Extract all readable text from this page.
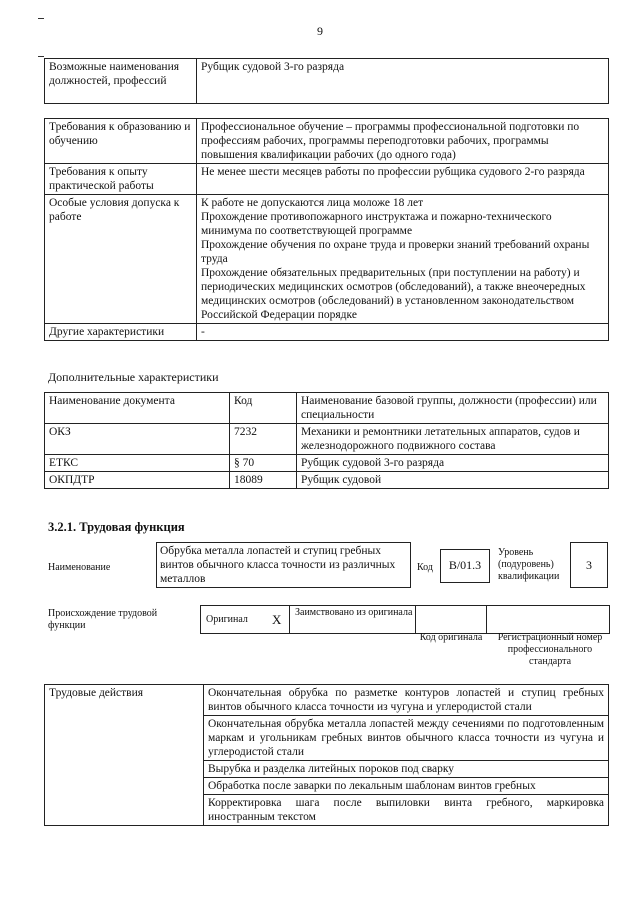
9
Возможные наименования должностей, профессий	Рубщик судовой 3-го разряда
Требования к образованию и обучению	Профессиональное обучение – программы профессиональной подготовки по профессиям рабочих, программы переподготовки рабочих, программы повышения квалификации рабочих (до одного года)
Требования к опыту практической работы	Не менее шести месяцев работы по профессии рубщика судового 2-го разряда
Особые условия допуска к работе	К работе не допускаются лица моложе 18 лет
Прохождение противопожарного инструктажа и пожарно-технического минимума по соответствующей программе
Прохождение обучения по охране труда и проверки знаний требований охраны труда
Прохождение обязательных предварительных (при поступлении на работу) и периодических медицинских осмотров (обследований), а также внеочередных медицинских осмотров (обследований) в установленном законодательством Российской Федерации порядке

Другие характеристики	-
Дополнительные характеристики
Наименование документа	Код	Наименование базовой группы, должности (профессии) или специальности
ОКЗ	7232	Механики и ремонтники летательных аппаратов, судов и железнодорожного подвижного состава
ЕТКС	§ 70	Рубщик судовой 3-го разряда
ОКПДТР	18089	Рубщик судовой
3.2.1. Трудовая функция
Наименование
Обрубка металла лопастей и ступиц гребных винтов обычного класса точности из различных металлов
Код	B/01.3
Уровень (подуровень) квалификации
3
Происхождение трудовой функции
Оригинал X Заимствовано из оригинала
Код оригинала	Регистрационный номер профессионального стандарта
Трудовые действия	Окончательная обрубка по разметке контуров лопастей и ступиц гребных винтов обычного класса точности из чугуна и углеродистой стали
Окончательная обрубка металла лопастей между сечениями по подготовленным маркам и угольникам гребных винтов обычного класса точности из чугуна и углеродистой стали
Вырубка и разделка литейных пороков под сварку
Обработка после заварки по лекальным шаблонам винтов гребных
Корректировка шага после выпиловки винта гребного, маркировка иностранным текстом
